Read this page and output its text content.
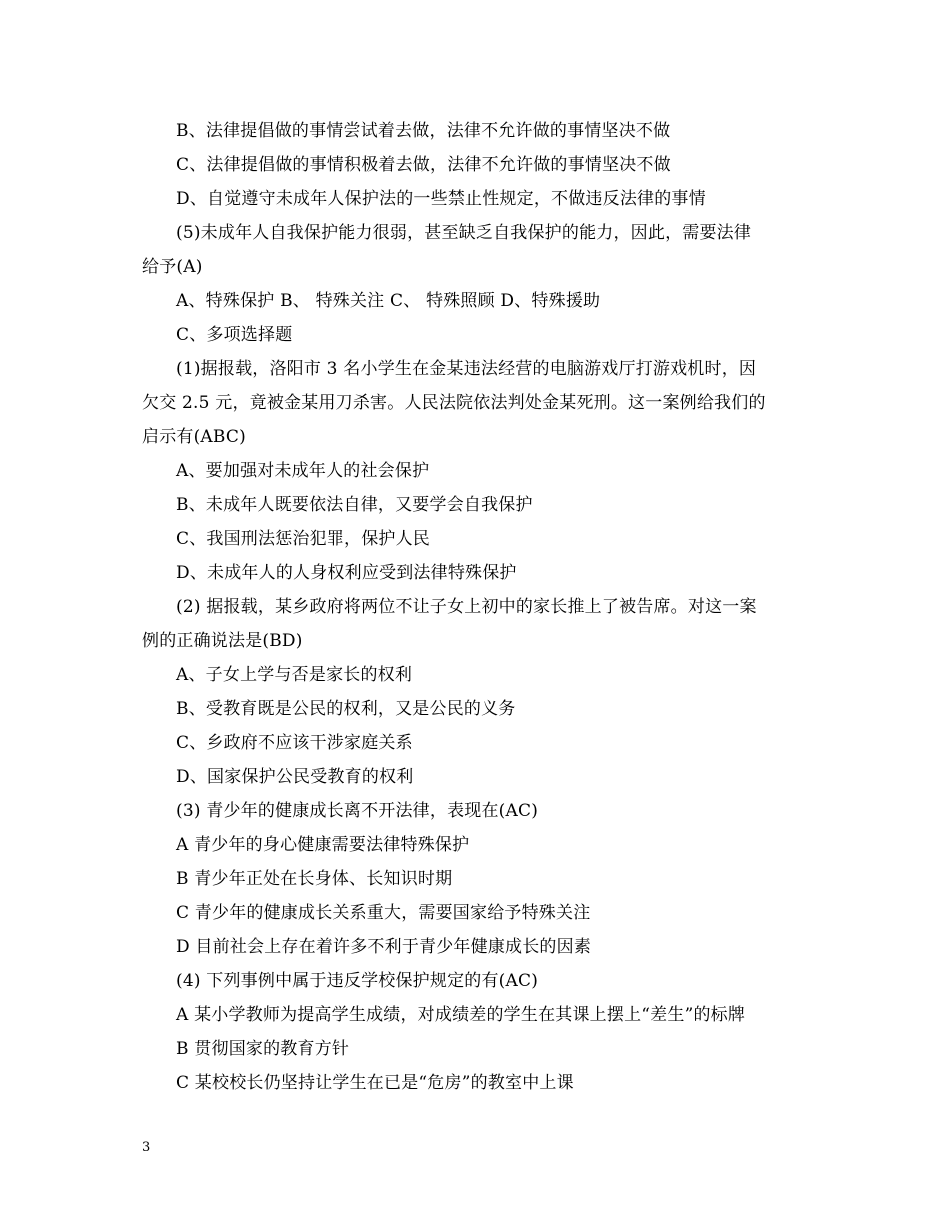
B、法律提倡做的事情尝试着去做，法律不允许做的事情坚决不做
C、法律提倡做的事情积极着去做，法律不允许做的事情坚决不做
D、自觉遵守未成年人保护法的一些禁止性规定，不做违反法律的事情
(5)未成年人自我保护能力很弱，甚至缺乏自我保护的能力，因此，需要法律
给予(A)
A、特殊保护 B、 特殊关注 C、 特殊照顾 D、特殊援助
C、多项选择题
(1)据报载，洛阳市 3 名小学生在金某违法经营的电脑游戏厅打游戏机时，因
欠交 2.5 元，竟被金某用刀杀害。人民法院依法判处金某死刑。这一案例给我们的
启示有(ABC)
A、要加强对未成年人的社会保护
B、未成年人既要依法自律，又要学会自我保护
C、我国刑法惩治犯罪，保护人民
D、未成年人的人身权利应受到法律特殊保护
(2) 据报载，某乡政府将两位不让子女上初中的家长推上了被告席。对这一案
例的正确说法是(BD)
A、子女上学与否是家长的权利
B、受教育既是公民的权利，又是公民的义务
C、乡政府不应该干涉家庭关系
D、国家保护公民受教育的权利
(3) 青少年的健康成长离不开法律，表现在(AC)
A 青少年的身心健康需要法律特殊保护
B 青少年正处在长身体、长知识时期
C 青少年的健康成长关系重大，需要国家给予特殊关注
D 目前社会上存在着许多不利于青少年健康成长的因素
(4) 下列事例中属于违反学校保护规定的有(AC)
A 某小学教师为提高学生成绩，对成绩差的学生在其课上摆上“差生”的标牌
B 贯彻国家的教育方针
C 某校校长仍坚持让学生在已是“危房”的教室中上课
3
